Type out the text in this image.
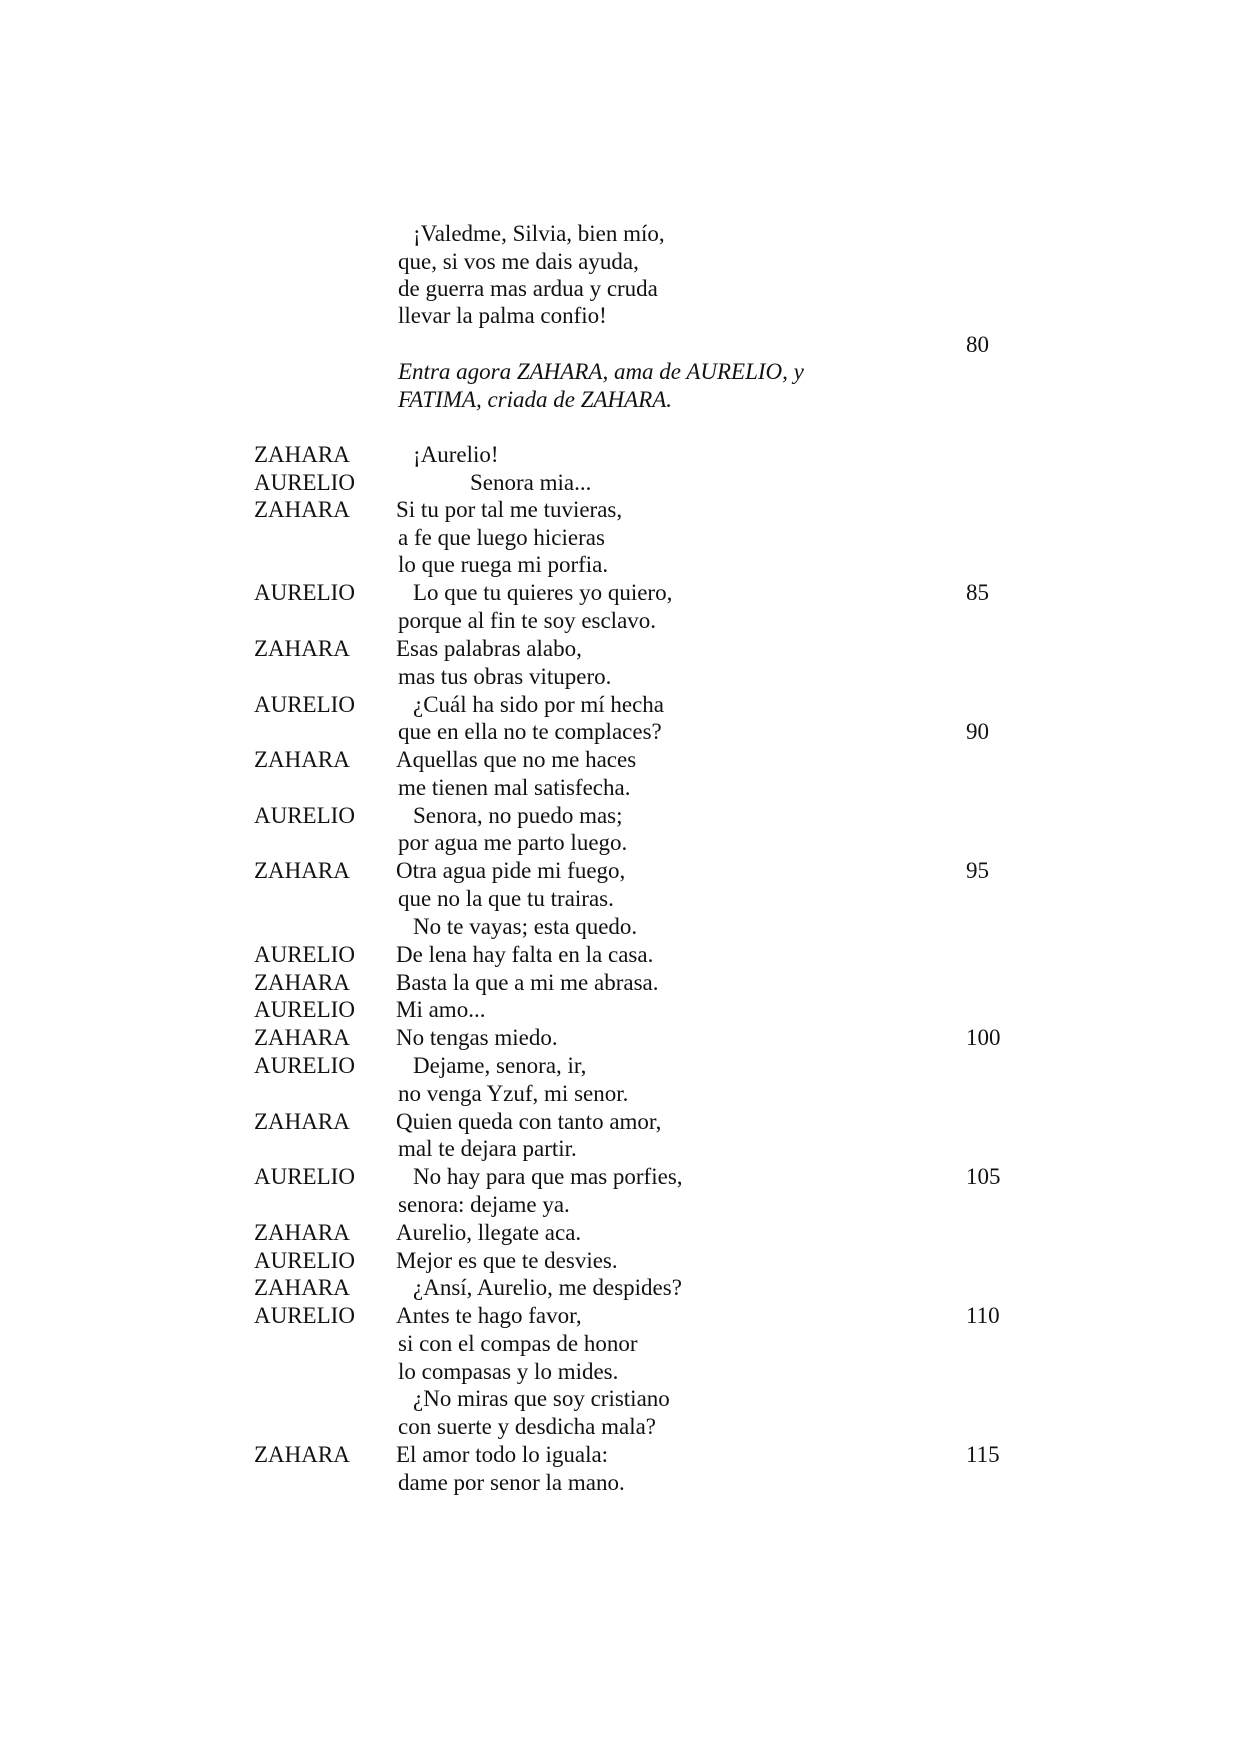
¡Valedme, Silvia, bien mío,
que, si vos me dais ayuda,
de guerra mas ardua y cruda
llevar la palma confio!
80
Entra agora ZAHARA, ama de AURELIO, y
FATIMA, criada de ZAHARA.
ZAHARA	¡Aurelio!
AURELIO	Senora mia...
ZAHARA Si tu por tal me tuvieras,
a fe que luego hicieras
lo que ruega mi porfia.
AURELIO	Lo que tu quieres yo quiero,	85
porque al fin te soy esclavo.
ZAHARA Esas palabras alabo,
mas tus obras vitupero.
AURELIO	¿Cuál ha sido por mí hecha
que en ella no te complaces?	90
ZAHARA Aquellas que no me haces
me tienen mal satisfecha.
AURELIO	Senora, no puedo mas;
por agua me parto luego.
ZAHARA Otra agua pide mi fuego,	95
que no la que tu trairas.
No te vayas; esta quedo.
AURELIO De lena hay falta en la casa.
ZAHARA Basta la que a mi me abrasa.
AURELIO Mi amo...
ZAHARA No tengas miedo.	100
AURELIO	Dejame, senora, ir,
no venga Yzuf, mi senor.
ZAHARA Quien queda con tanto amor,
mal te dejara partir.
AURELIO	No hay para que mas porfies,	105
senora: dejame ya.
ZAHARA Aurelio, llegate aca.
AURELIO Mejor es que te desvies.
ZAHARA	¿Ansí, Aurelio, me despides?
AURELIO Antes te hago favor,	110
si con el compas de honor
lo compasas y lo mides.
¿No miras que soy cristiano
con suerte y desdicha mala?
ZAHARA El amor todo lo iguala:	115
dame por senor la mano.
